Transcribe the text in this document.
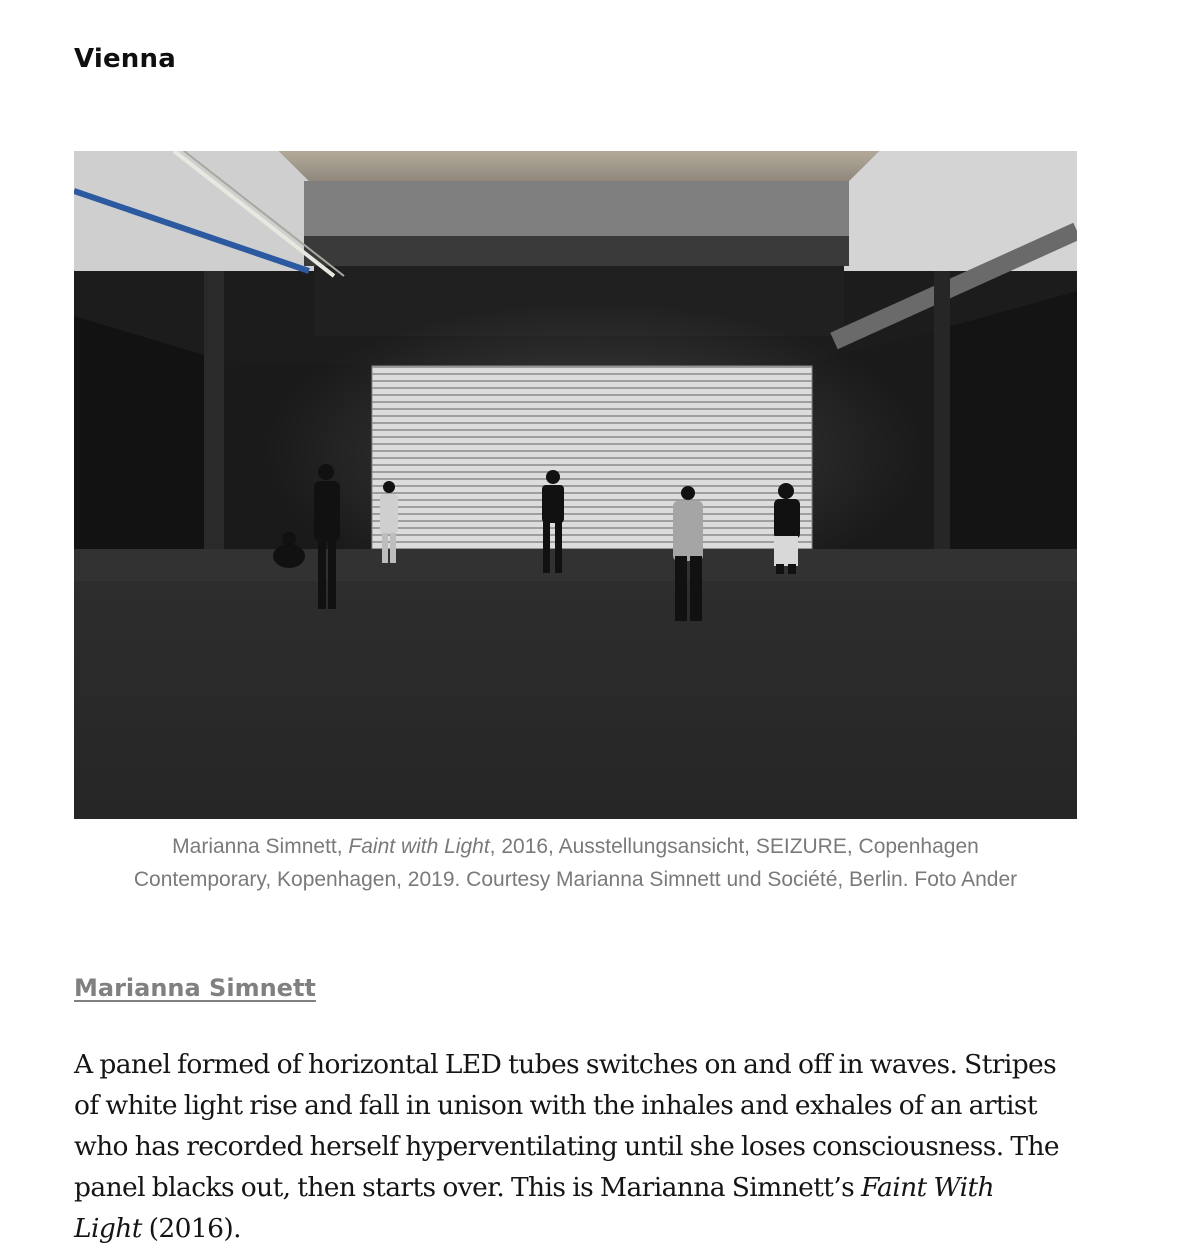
Vienna
Marianna Simnett, Faint with Light, 2016, Ausstellungsansicht, SEIZURE, Copenhagen
Contemporary, Kopenhagen, 2019. Courtesy Marianna Simnett und Société, Berlin. Foto Ander
Marianna Simnett

A panel formed of horizontal LED tubes switches on and off in waves. Stripes of white light rise and fall in unison with the inhales and exhales of an artist who has recorded herself hyperventilating until she loses consciousness. The panel blacks out, then starts over. This is Marianna Simnett’s Faint With Light (2016).
